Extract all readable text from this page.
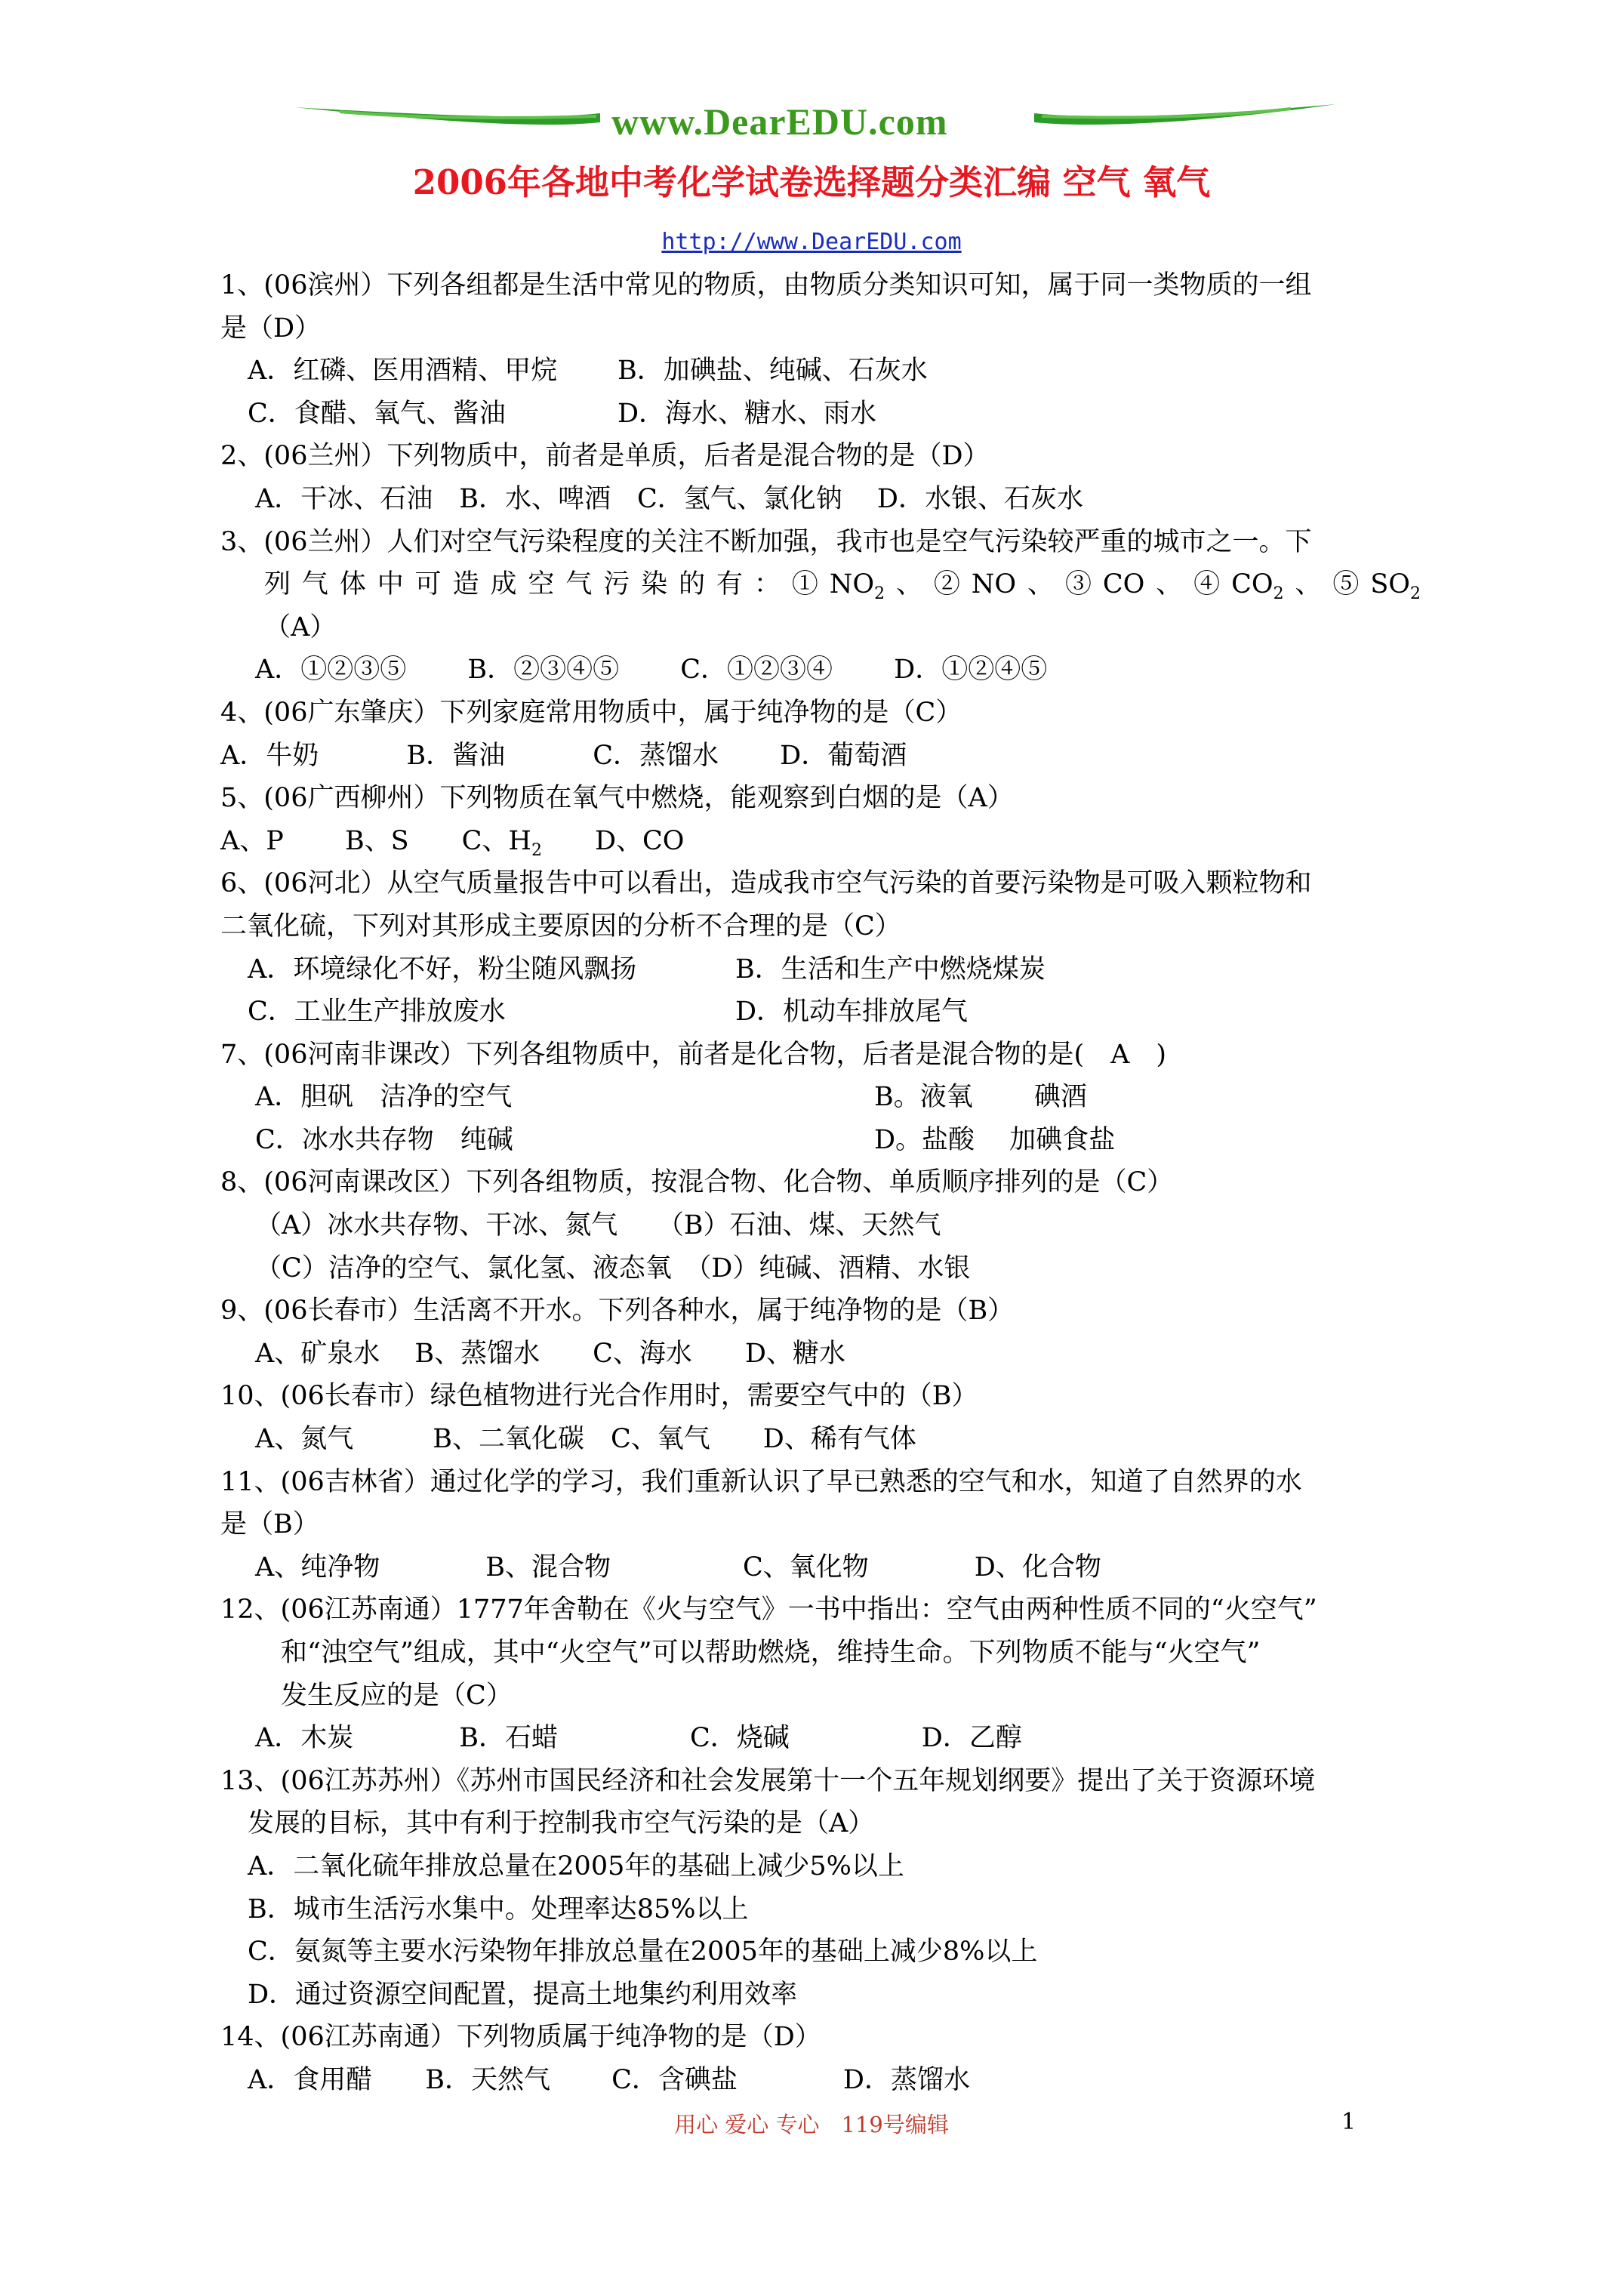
www.DearEDU.com
2006年各地中考化学试卷选择题分类汇编 空气 氧气
http://www.DearEDU.com
1、(06滨州）下列各组都是生活中常见的物质，由物质分类知识可知，属于同一类物质的一组
是（D）
A．红磷、医用酒精、甲烷 B．加碘盐、纯碱、石灰水
C．食醋、氧气、酱油	D．海水、糖水、雨水
2、(06兰州）下列物质中，前者是单质，后者是混合物的是（D）
A．干冰、石油　B．水、啤酒　C．氢气、氯化钠　 D．水银、石灰水
3、(06兰州）人们对空气污染程度的关注不断加强，我市也是空气污染较严重的城市之一。下
列气体中可造成空气污染的有：$①NO_2$、②NO、③CO、$④CO_2$、$⑤SO_2$
（A）
A．①②③⑤　　 B．②③④⑤　　 C．①②③④　　 D．①②④⑤
4、(06广东肇庆）下列家庭常用物质中，属于纯净物的是（C）
A．牛奶　　　 B．酱油　　　 C．蒸馏水　　 D．葡萄酒
5、(06广西柳州）下列物质在氧气中燃烧，能观察到白烟的是（A）
A、P　　 B、S　　C、$H_2$　　D、CO
6、(06河北）从空气质量报告中可以看出，造成我市空气污染的首要污染物是可吸入颗粒物和
二氧化硫，下列对其形成主要原因的分析不合理的是（C）
A．环境绿化不好，粉尘随风飘扬	B．生活和生产中燃烧煤炭
C．工业生产排放废水	D．机动车排放尾气
7、(06河南非课改）下列各组物质中，前者是化合物，后者是混合物的是(　A　)
A．胆矾　洁净的空气	B。液氧　　 碘酒
C．冰水共存物　纯碱	D。盐酸　 加碘食盐
8、(06河南课改区）下列各组物质，按混合物、化合物、单质顺序排列的是（C）
（A）冰水共存物、干冰、氮气　　（B）石油、煤、天然气
（C）洁净的空气、氯化氢、液态氧　（D）纯碱、酒精、水银
9、(06长春市）生活离不开水。下列各种水，属于纯净物的是（B）
A、矿泉水　 B、蒸馏水　　C、海水　　D、糖水
10、(06长春市）绿色植物进行光合作用时，需要空气中的（B）
A、氮气　　　B、二氧化碳　C、氧气　　D、稀有气体
11、(06吉林省）通过化学的学习，我们重新认识了早已熟悉的空气和水，知道了自然界的水
是（B）
A、纯净物　　　　B、混合物　　　　　C、氧化物　　　　D、化合物
12、(06江苏南通）1777年舍勒在《火与空气》一书中指出：空气由两种性质不同的“火空气”
和“浊空气”组成，其中“火空气”可以帮助燃烧，维持生命。下列物质不能与“火空气”
发生反应的是（C）
A．木炭　　　　B．石蜡　　　　　C．烧碱　　　　　D．乙醇
13、(06江苏苏州）《苏州市国民经济和社会发展第十一个五年规划纲要》提出了关于资源环境
发展的目标，其中有利于控制我市空气污染的是（A）
A．二氧化硫年排放总量在2005年的基础上减少5%以上
B．城市生活污水集中。处理率达85%以上
C．氨氮等主要水污染物年排放总量在2005年的基础上减少8%以上
D．通过资源空间配置，提高土地集约利用效率
14、(06江苏南通）下列物质属于纯净物的是（D）
A．食用醋　　B．天然气　　 C．含碘盐　　　　D．蒸馏水
用心 爱心 专心　119号编辑	1
